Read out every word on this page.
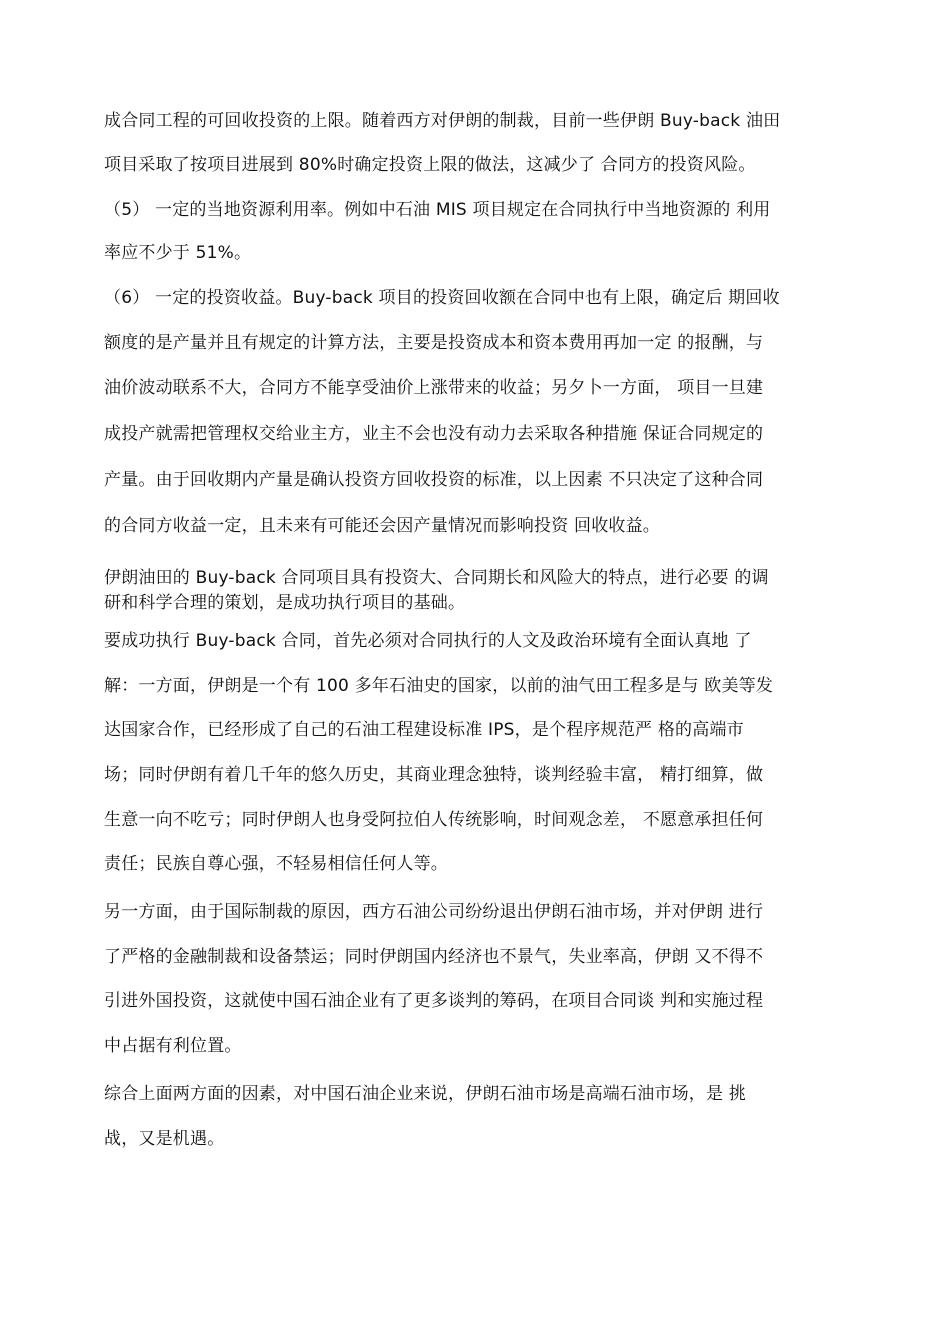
成合同工程的可回收投资的上限。随着西方对伊朗的制裁，目前一些伊朗 Buy-back 油田
项目采取了按项目进展到 80%时确定投资上限的做法，这减少了 合同方的投资风险。
（5） 一定的当地资源利用率。例如中石油 MIS 项目规定在合同执行中当地资源的 利用
率应不少于 51%。
（6） 一定的投资收益。Buy-back 项目的投资回收额在合同中也有上限，确定后 期回收
额度的是产量并且有规定的计算方法，主要是投资成本和资本费用再加一定 的报酬，与
油价波动联系不大，合同方不能享受油价上涨带来的收益；另夕卜一方面， 项目一旦建
成投产就需把管理权交给业主方，业主不会也没有动力去采取各种措施 保证合同规定的
产量。由于回收期内产量是确认投资方回收投资的标准，以上因素 不只决定了这种合同
的合同方收益一定，且未来有可能还会因产量情况而影响投资 回收收益。
伊朗油田的 Buy-back 合同项目具有投资大、合同期长和风险大的特点，进行必要 的调
研和科学合理的策划，是成功执行项目的基础。
要成功执行 Buy-back 合同，首先必须对合同执行的人文及政治环境有全面认真地 了
解：一方面，伊朗是一个有 100 多年石油史的国家，以前的油气田工程多是与 欧美等发
达国家合作，已经形成了自己的石油工程建设标准 IPS，是个程序规范严 格的高端市
场；同时伊朗有着几千年的悠久历史，其商业理念独特，谈判经验丰富， 精打细算，做
生意一向不吃亏；同时伊朗人也身受阿拉伯人传统影响，时间观念差， 不愿意承担任何
责任；民族自尊心强，不轻易相信任何人等。
另一方面，由于国际制裁的原因，西方石油公司纷纷退出伊朗石油市场，并对伊朗 进行
了严格的金融制裁和设备禁运；同时伊朗国内经济也不景气，失业率高，伊朗 又不得不
引进外国投资，这就使中国石油企业有了更多谈判的筹码，在项目合同谈 判和实施过程
中占据有利位置。
综合上面两方面的因素，对中国石油企业来说，伊朗石油市场是高端石油市场，是 挑
战，又是机遇。
